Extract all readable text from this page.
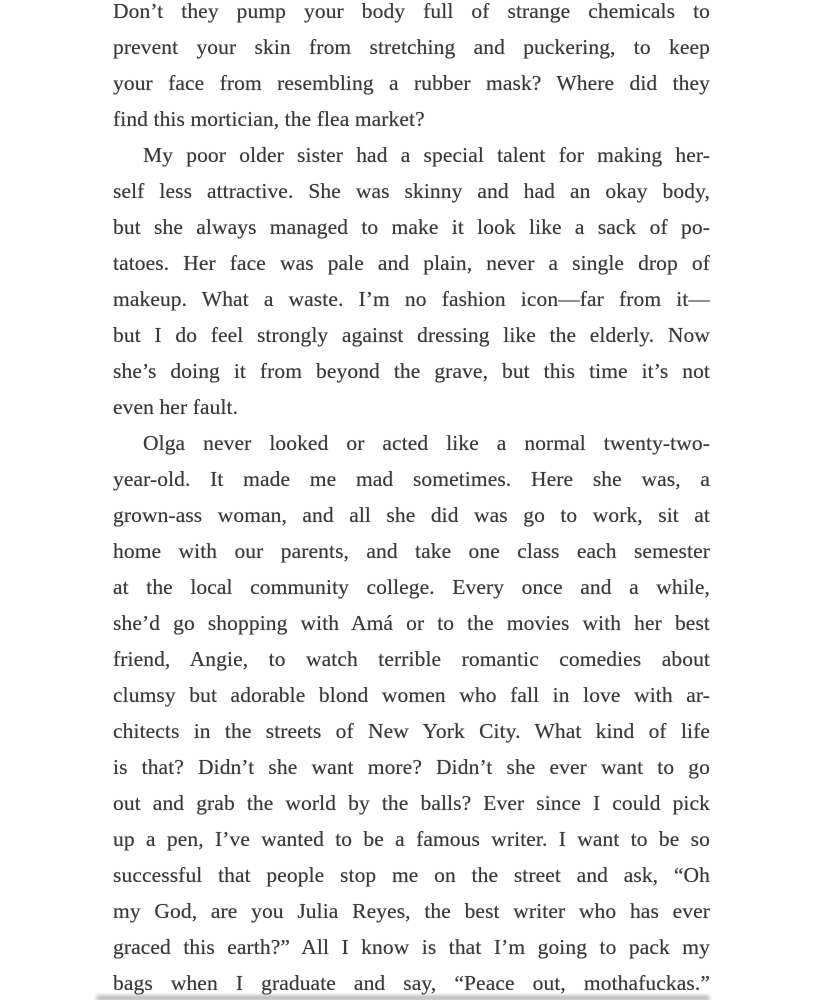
Don’t they pump your body full of strange chemicals to
prevent your skin from stretching and puckering, to keep
your face from resembling a rubber mask? Where did they
find this mortician, the flea market?
My poor older sister had a special talent for making her-
self less attractive. She was skinny and had an okay body,
but she always managed to make it look like a sack of po-
tatoes. Her face was pale and plain, never a single drop of
makeup. What a waste. I’m no fashion icon—far from it—
but I do feel strongly against dressing like the elderly. Now
she’s doing it from beyond the grave, but this time it’s not
even her fault.
Olga never looked or acted like a normal twenty-two-
year-old. It made me mad sometimes. Here she was, a
grown-ass woman, and all she did was go to work, sit at
home with our parents, and take one class each semester
at the local community college. Every once and a while,
she’d go shopping with Amá or to the movies with her best
friend, Angie, to watch terrible romantic comedies about
clumsy but adorable blond women who fall in love with ar-
chitects in the streets of New York City. What kind of life
is that? Didn’t she want more? Didn’t she ever want to go
out and grab the world by the balls? Ever since I could pick
up a pen, I’ve wanted to be a famous writer. I want to be so
successful that people stop me on the street and ask, “Oh
my God, are you Julia Reyes, the best writer who has ever
graced this earth?” All I know is that I’m going to pack my
bags when I graduate and say, “Peace out, mothafuckas.”
